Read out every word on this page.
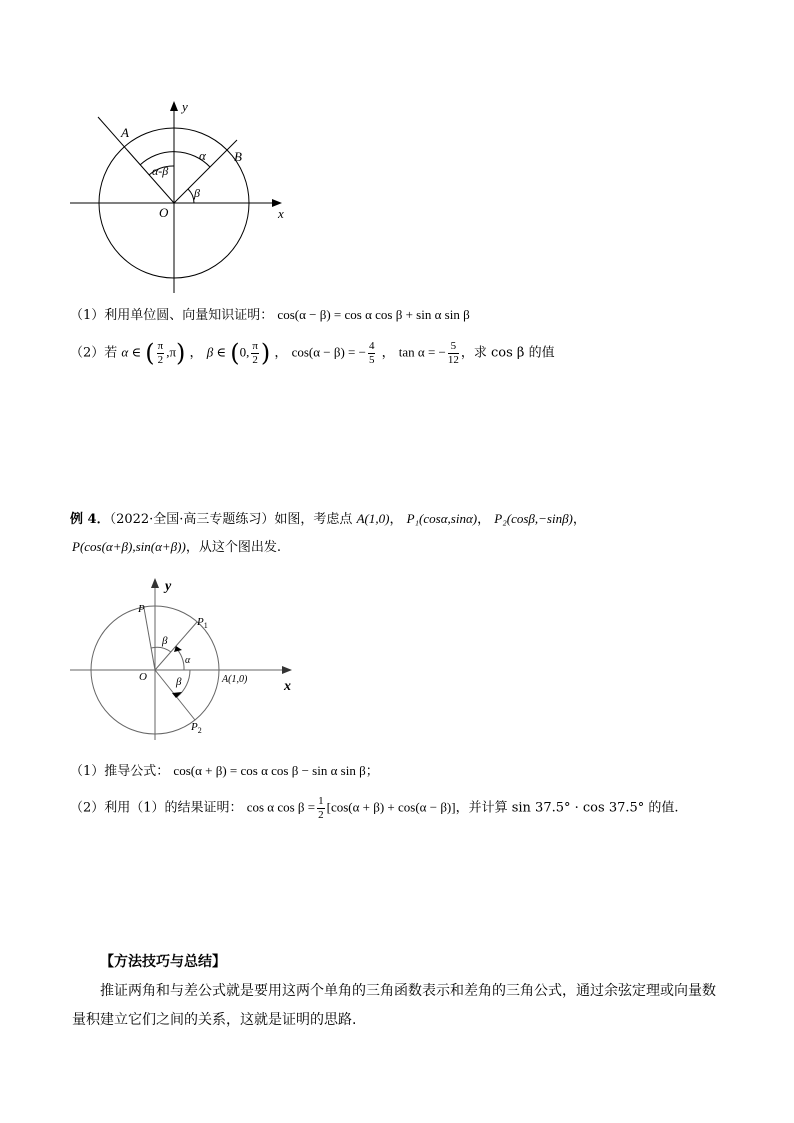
y
x
O
A
B
α
α-β
β
（1）利用单位圆、向量知识证明： cos(α − β) = cos α cos β + sin α sin β
（2）若 α ∈ ( $\frac{\pi}{2} ,\pi$) ， β ∈ (0, $\frac{\pi}{2}$ ) ， cos(α − β) = − $\frac{4}{5}$ ， tan α = − $\frac{5}{12}$ ，求 cos β 的值
例 4．（2022·全国·高三专题练习）如图，考虑点 A(1,0)， P₁(cosα,sinα)， P₂(cosβ,−sinβ)，
P(cos(α+β),sin(α+β))，从这个图出发.
y
x
O
P
$P_1$
$P_2$
A(1,0)
β
α
β
（1）推导公式： cos(α + β) = cos α cos β − sin α sin β；
（2）利用（1）的结果证明： cos α $\cos \beta = \frac{1}{2} [\cos(\alpha + \beta) + \cos(\alpha - \beta)]$，并计算 sin 37.5° · cos 37.5° 的值.
【方法技巧与总结】
推证两角和与差公式就是要用这两个单角的三角函数表示和差角的三角公式，通过余弦定理或向量数
量积建立它们之间的关系，这就是证明的思路.
